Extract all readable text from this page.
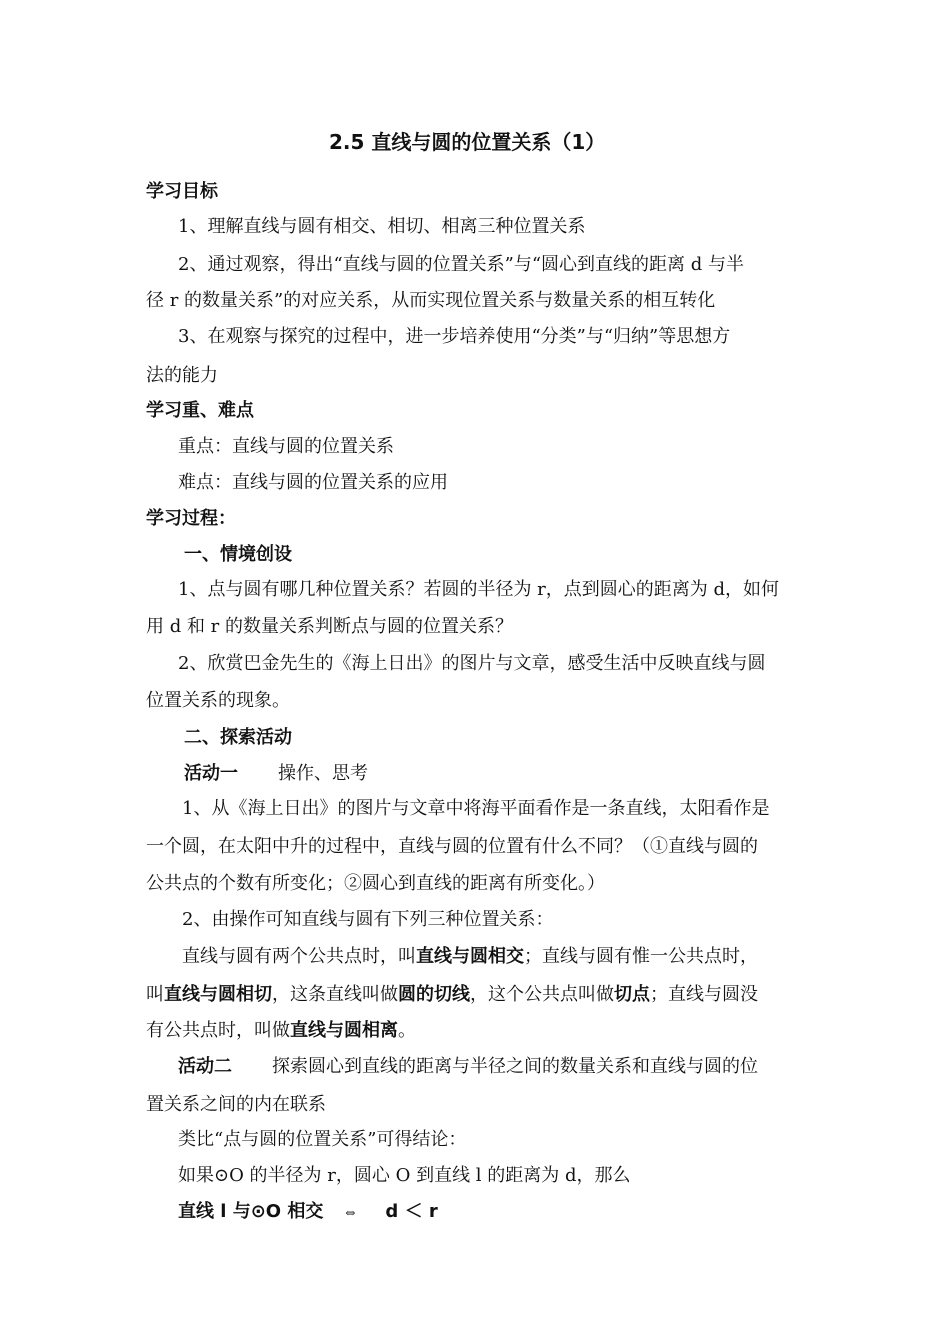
2.5 直线与圆的位置关系（1）
学习目标
1、理解直线与圆有相交、相切、相离三种位置关系
2、通过观察，得出“直线与圆的位置关系”与“圆心到直线的距离 d 与半
径 r 的数量关系”的对应关系，从而实现位置关系与数量关系的相互转化
3、在观察与探究的过程中，进一步培养使用“分类”与“归纳”等思想方
法的能力
学习重、难点
重点：直线与圆的位置关系
难点：直线与圆的位置关系的应用
学习过程：
一、情境创设
1、点与圆有哪几种位置关系？若圆的半径为 r，点到圆心的距离为 d，如何
用 d 和 r 的数量关系判断点与圆的位置关系？
2、欣赏巴金先生的《海上日出》的图片与文章，感受生活中反映直线与圆
位置关系的现象。
二、探索活动
活动一 操作、思考
1、从《海上日出》的图片与文章中将海平面看作是一条直线，太阳看作是
一个圆，在太阳中升的过程中，直线与圆的位置有什么不同？（①直线与圆的
公共点的个数有所变化；②圆心到直线的距离有所变化。）
2、由操作可知直线与圆有下列三种位置关系：
直线与圆有两个公共点时，叫直线与圆相交；直线与圆有惟一公共点时，
叫直线与圆相切，这条直线叫做圆的切线，这个公共点叫做切点；直线与圆没
有公共点时，叫做直线与圆相离。
活动二 探索圆心到直线的距离与半径之间的数量关系和直线与圆的位
置关系之间的内在联系
类比“点与圆的位置关系”可得结论：
如果⊙O 的半径为 r，圆心 O 到直线 l 的距离为 d，那么
直线 l 与⊙O 相交 ⇔ d ＜ r
